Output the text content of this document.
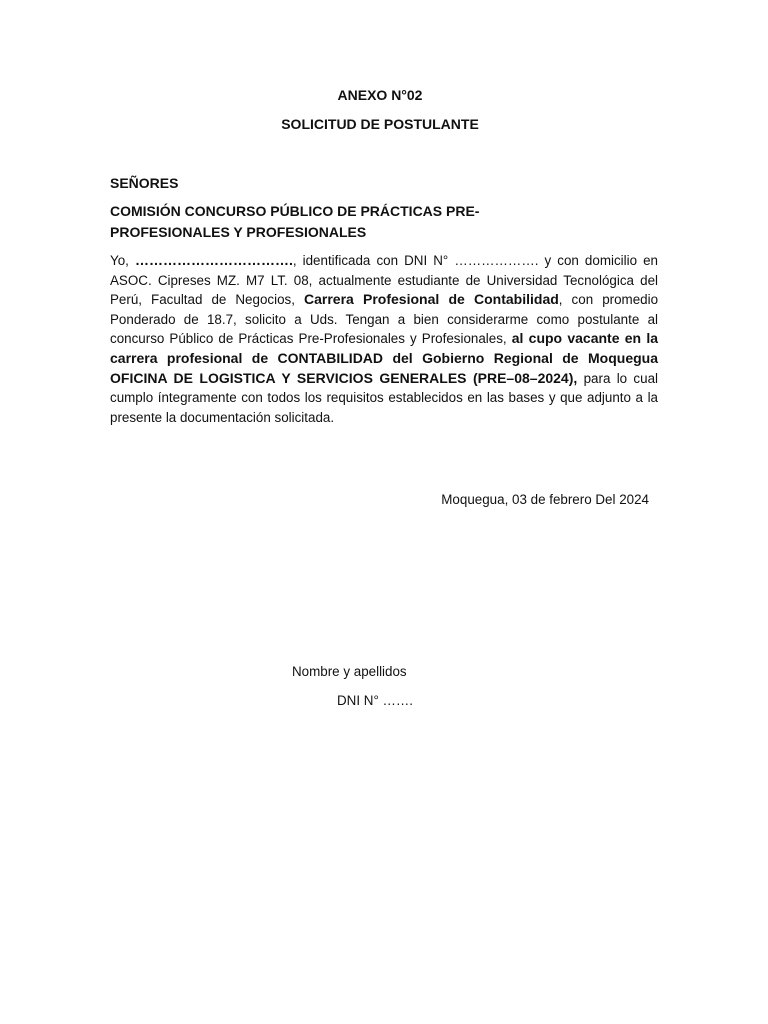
ANEXO N°02
SOLICITUD DE POSTULANTE
SEÑORES
COMISIÓN CONCURSO PÚBLICO DE PRÁCTICAS PRE-PROFESIONALES Y PROFESIONALES
Yo, ……………………………., identificada con DNI N° ………………. y con domicilio en ASOC. Cipreses MZ. M7 LT. 08, actualmente estudiante de Universidad Tecnológica del Perú, Facultad de Negocios, Carrera Profesional de Contabilidad, con promedio Ponderado de 18.7, solicito a Uds. Tengan a bien considerarme como postulante al concurso Público de Prácticas Pre-Profesionales y Profesionales, al cupo vacante en la carrera profesional de CONTABILIDAD del Gobierno Regional de Moquegua OFICINA DE LOGISTICA Y SERVICIOS GENERALES (PRE–08–2024), para lo cual cumplo íntegramente con todos los requisitos establecidos en las bases y que adjunto a la presente la documentación solicitada.
Moquegua, 03 de febrero Del 2024
Nombre y apellidos
DNI N° …….
